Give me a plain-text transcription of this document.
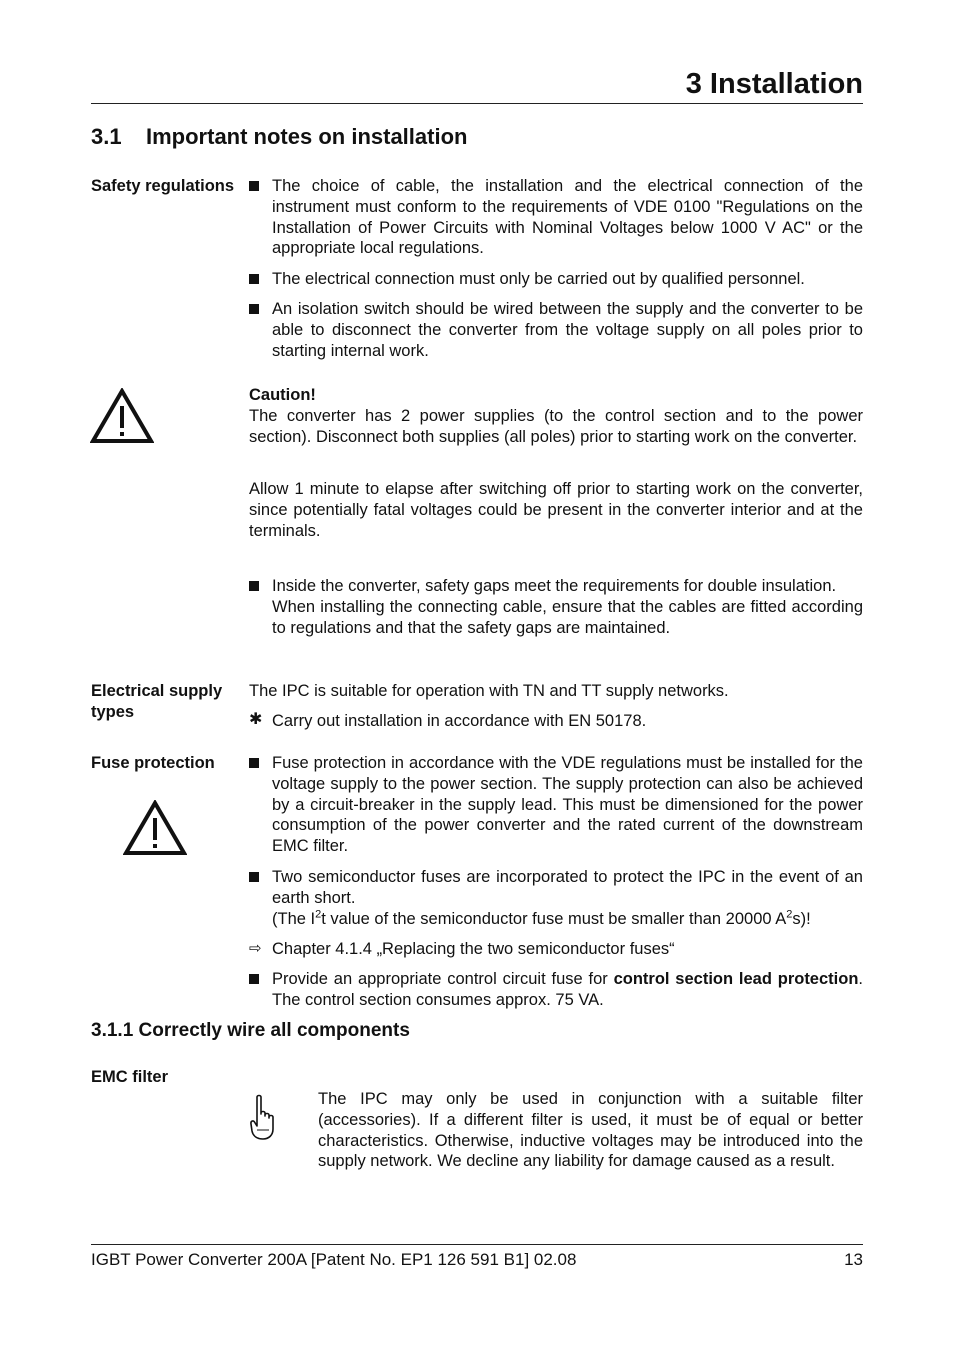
3 Installation
3.1 Important notes on installation
Safety regulations	The choice of cable, the installation and the electrical connection of the instrument must conform to the requirements of VDE 0100 "Regulations on the Installation of Power Circuits with Nominal Voltages below 1000 V AC" or the appropriate local regulations.
The electrical connection must only be carried out by qualified personnel.
An isolation switch should be wired between the supply and the converter to be able to disconnect the converter from the voltage supply on all poles prior to starting internal work.
Caution!
The converter has 2 power supplies (to the control section and to the power section). Disconnect both supplies (all poles) prior to starting work on the converter.
Allow 1 minute to elapse after switching off prior to starting work on the converter, since potentially fatal voltages could be present in the converter interior and at the terminals.
Inside the converter, safety gaps meet the requirements for double insulation.
When installing the connecting cable, ensure that the cables are fitted according to regulations and that the safety gaps are maintained.
Electrical supply types
The IPC is suitable for operation with TN and TT supply networks.
✱ Carry out installation in accordance with EN 50178.
Fuse protection	Fuse protection in accordance with the VDE regulations must be installed for the voltage supply to the power section. The supply protection can also be achieved by a circuit-breaker in the supply lead. This must be dimensioned for the power consumption of the power converter and the rated current of the downstream EMC filter.
Two semiconductor fuses are incorporated to protect the IPC in the event of an earth short.
(The $I^2t$ value of the semiconductor fuse must be smaller than 20000 $A^2s$)!
⇨ Chapter 4.1.4 „Replacing the two semiconductor fuses“
Provide an appropriate control circuit fuse for control section lead protection. The control section consumes approx. 75 VA.
3.1.1 Correctly wire all components
EMC filter
The IPC may only be used in conjunction with a suitable filter (accessories). If a different filter is used, it must be of equal or better characteristics. Otherwise, inductive voltages may be introduced into the supply network. We decline any liability for damage caused as a result.
IGBT Power Converter 200A [Patent No. EP1 126 591 B1] 02.08	13
